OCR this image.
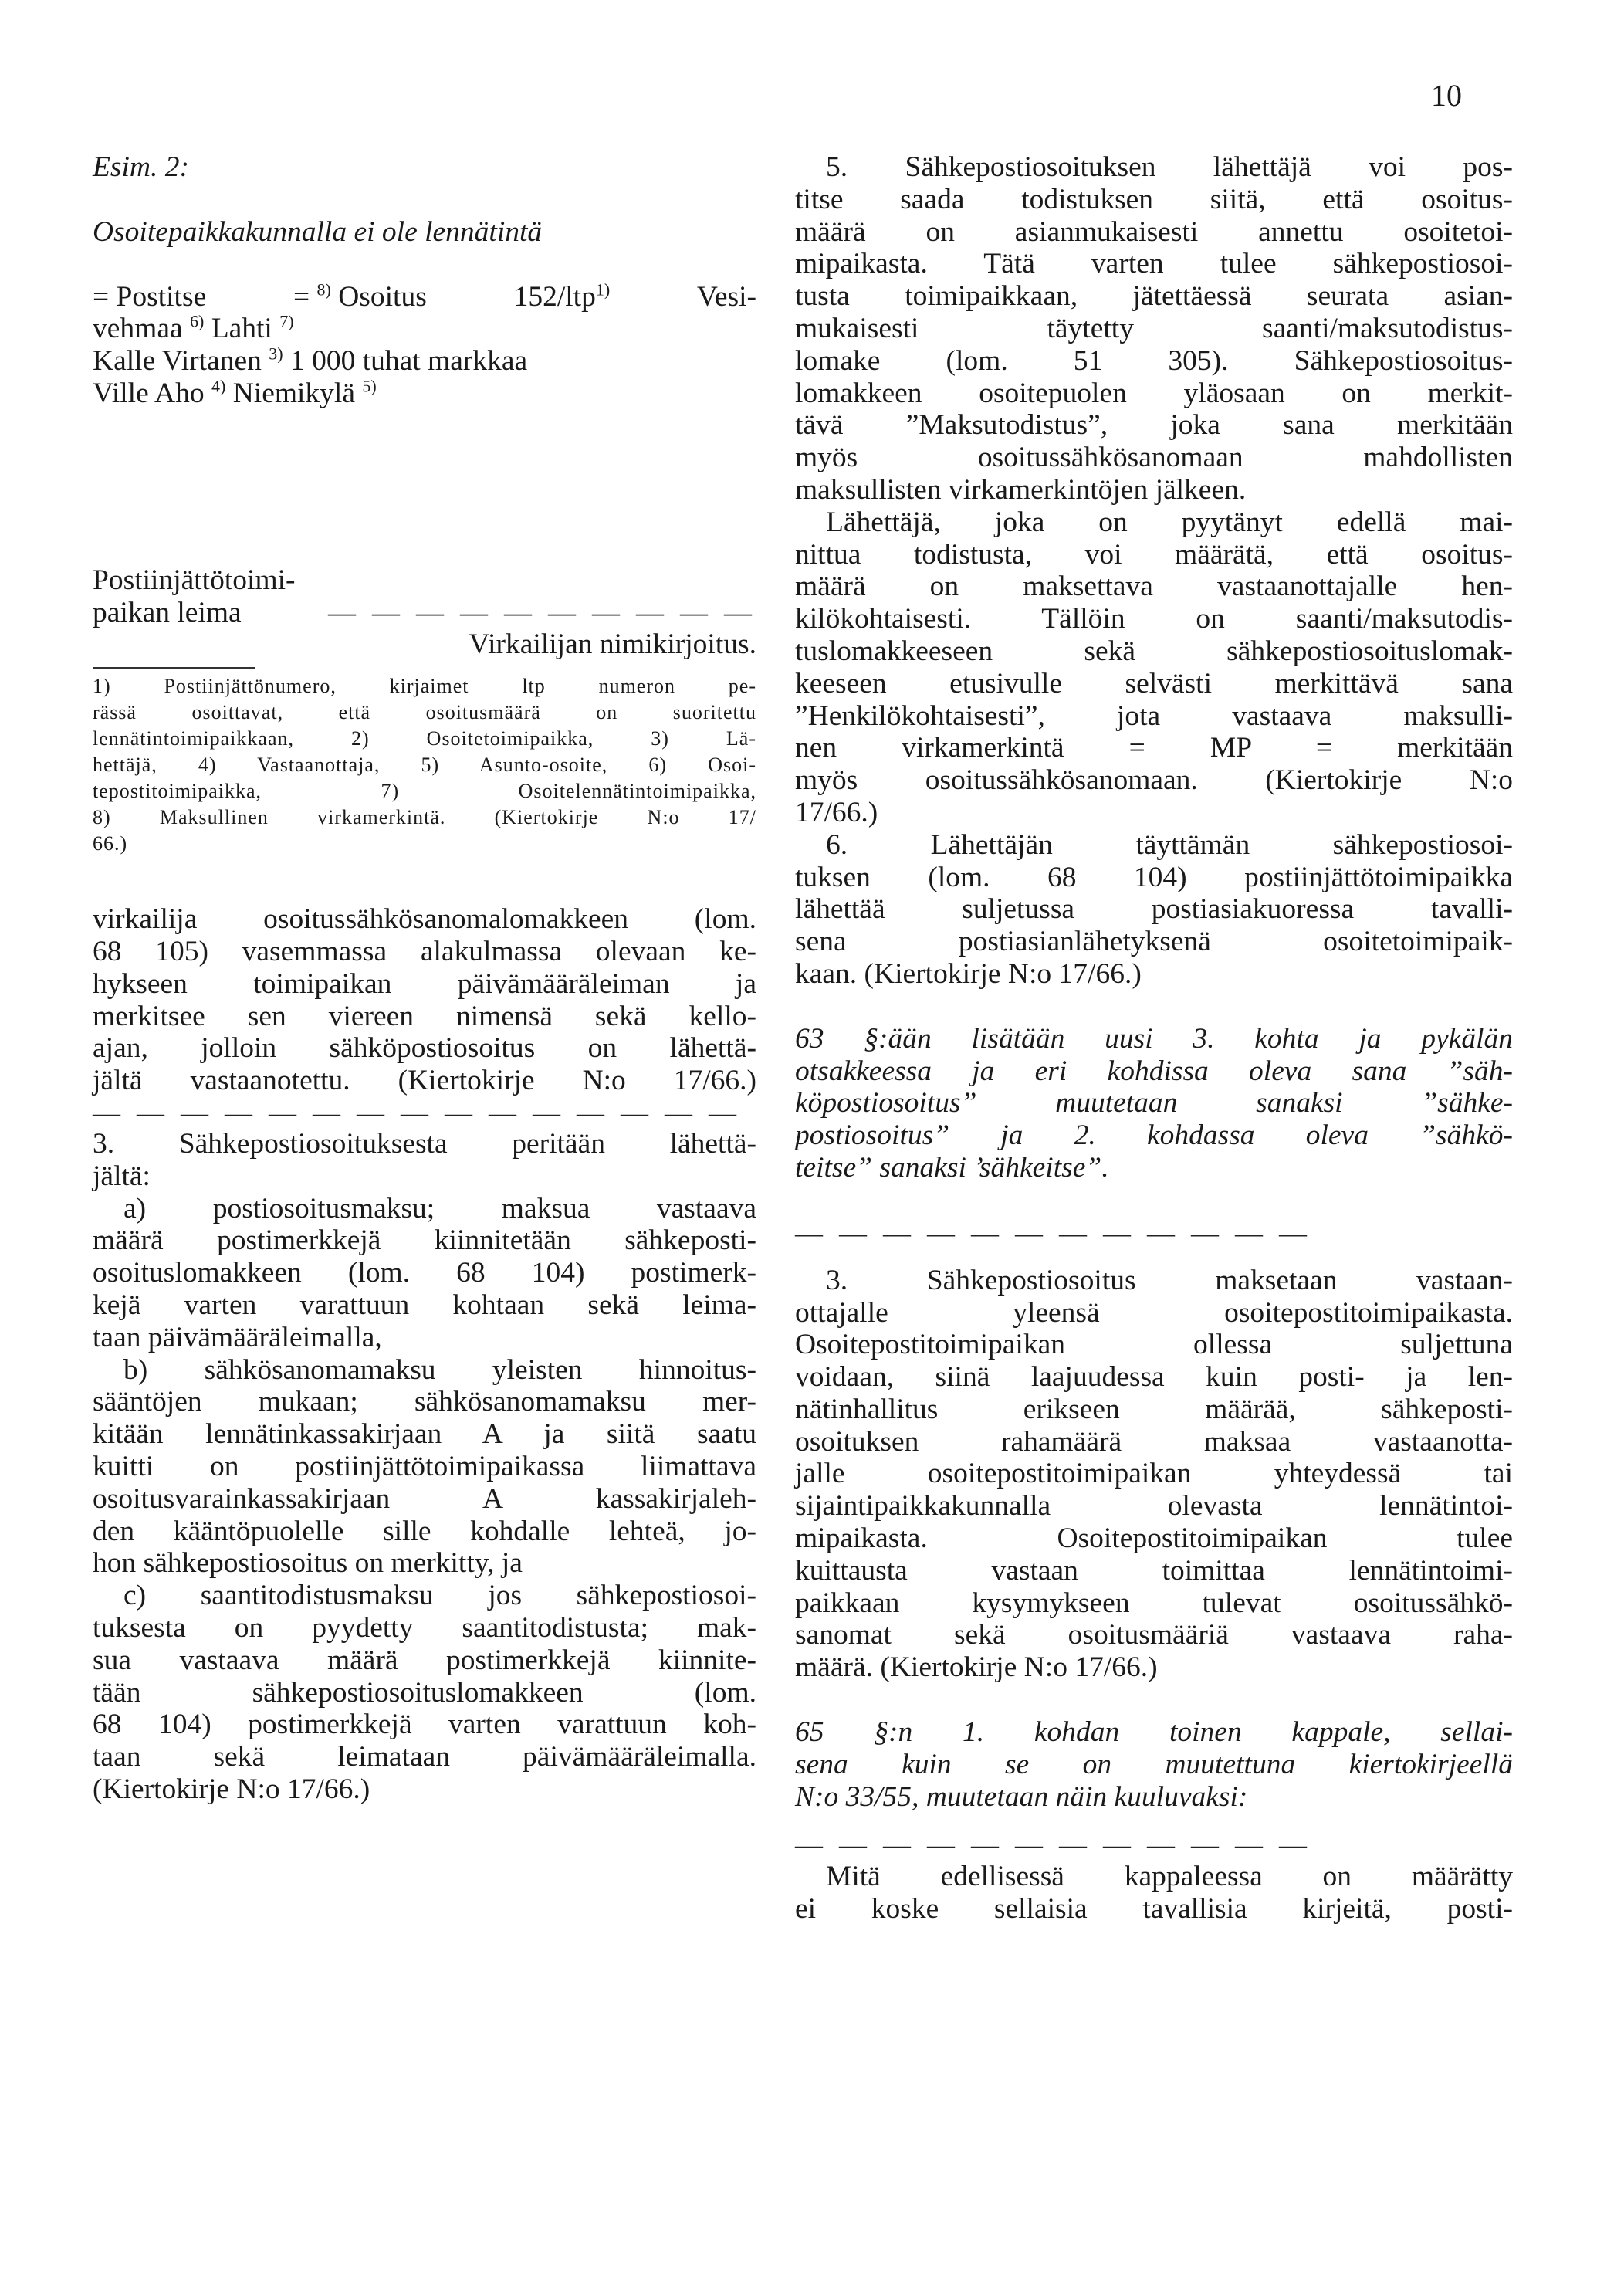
10
Esim. 2:
Osoitepaikkakunnalla ei ole lennätintä
= Postitse	= $^{8)}$ Osoitus	152/ltp$^{1)}$	Vesi-
vehmaa $^{6)}$ Lahti $^{7)}$
Kalle Virtanen $^{3)}$ 1 000 tuhat markkaa
Ville Aho $^{4)}$ Niemikylä $^{5)}$
Postiinjättötoimi-
paikan leima	— — — — — — — — — —
Virkailijan nimikirjoitus.
1) Postiinjättönumero, kirjaimet ltp numeron pe-
rässä osoittavat, että osoitusmäärä on suoritettu
lennätintoimipaikkaan, 2) Osoitetoimipaikka, 3) Lä-
hettäjä, 4) Vastaanottaja, 5) Asunto-osoite, 6) Osoi-
tepostitoimipaikka, 7) Osoitelennätintoimipaikka,
8) Maksullinen virkamerkintä. (Kiertokirje N:o 17/
66.)
virkailija osoitussähkösanomalomakkeen (lom.
68 105) vasemmassa alakulmassa olevaan ke-
hykseen toimipaikan päivämääräleiman ja
merkitsee sen viereen nimensä sekä kello-
ajan, jolloin sähköpostiosoitus on lähettä-
jältä vastaanotettu. (Kiertokirje N:o 17/66.)
— — — — — — — — — — — — — — —
3. Sähkepostiosoituksesta peritään lähettä-
jältä:
a) postiosoitusmaksu; maksua vastaava
määrä postimerkkejä kiinnitetään sähkeposti-
osoituslomakkeen (lom. 68 104) postimerk-
kejä varten varattuun kohtaan sekä leima-
taan päivämääräleimalla,
b) sähkösanomamaksu yleisten hinnoitus-
sääntöjen mukaan; sähkösanomamaksu mer-
kitään lennätinkassakirjaan A ja siitä saatu
kuitti on postiinjättötoimipaikassa liimattava
osoitusvarainkassakirjaan A kassakirjaleh-
den kääntöpuolelle sille kohdalle lehteä, jo-
hon sähkepostiosoitus on merkitty, ja
c) saantitodistusmaksu jos sähkepostiosoi-
tuksesta on pyydetty saantitodistusta; mak-
sua vastaava määrä postimerkkejä kiinnite-
tään sähkepostiosoituslomakkeen (lom.
68 104) postimerkkejä varten varattuun koh-
taan sekä leimataan päivämääräleimalla.
(Kiertokirje N:o 17/66.)
5. Sähkepostiosoituksen lähettäjä voi pos-
titse saada todistuksen siitä, että osoitus-
määrä on asianmukaisesti annettu osoitetoi-
mipaikasta. Tätä varten tulee sähkepostiosoi-
tusta toimipaikkaan, jätettäessä seurata asian-
mukaisesti täytetty saanti/maksutodistus-
lomake (lom. 51 305). Sähkepostiosoitus-
lomakkeen osoitepuolen yläosaan on merkit-
tävä ”Maksutodistus”, joka sana merkitään
myös osoitussähkösanomaan mahdollisten
maksullisten virkamerkintöjen jälkeen.
Lähettäjä, joka on pyytänyt edellä mai-
nittua todistusta, voi määrätä, että osoitus-
määrä on maksettava vastaanottajalle hen-
kilökohtaisesti. Tällöin on saanti/maksutodis-
tuslomakkeeseen sekä sähkepostiosoituslomak-
keeseen etusivulle selvästi merkittävä sana
”Henkilökohtaisesti”, jota vastaava maksulli-
nen virkamerkintä = MP = merkitään
myös osoitussähkösanomaan. (Kiertokirje N:o
17/66.)
6. Lähettäjän täyttämän sähkepostiosoi-
tuksen (lom. 68 104) postiinjättötoimipaikka
lähettää suljetussa postiasiakuoressa tavalli-
sena postiasianlähetyksenä osoitetoimipaik-
kaan. (Kiertokirje N:o 17/66.)
63 §:ään lisätään uusi 3. kohta ja pykälän
otsakkeessa ja eri kohdissa oleva sana ”säh-
köpostiosoitus” muutetaan sanaksi ”sähke-
postiosoitus” ja 2. kohdassa oleva ”sähkö-
teitse” sanaksi ’sähkeitse”.
— — — — — — — — — — — —
3. Sähkepostiosoitus maksetaan vastaan-
ottajalle yleensä osoitepostitoimipaikasta.
Osoitepostitoimipaikan ollessa suljettuna
voidaan, siinä laajuudessa kuin posti- ja len-
nätinhallitus erikseen määrää, sähkeposti-
osoituksen rahamäärä maksaa vastaanotta-
jalle osoitepostitoimipaikan yhteydessä tai
sijaintipaikkakunnalla olevasta lennätintoi-
mipaikasta. Osoitepostitoimipaikan tulee
kuittausta vastaan toimittaa lennätintoimi-
paikkaan kysymykseen tulevat osoitussähkö-
sanomat sekä osoitusmääriä vastaava raha-
määrä. (Kiertokirje N:o 17/66.)
65 §:n 1. kohdan toinen kappale, sellai-
sena kuin se on muutettuna kiertokirjeellä
N:o 33/55, muutetaan näin kuuluvaksi:
— — — — — — — — — — — —
Mitä edellisessä kappaleessa on määrätty
ei koske sellaisia tavallisia kirjeitä, posti-
